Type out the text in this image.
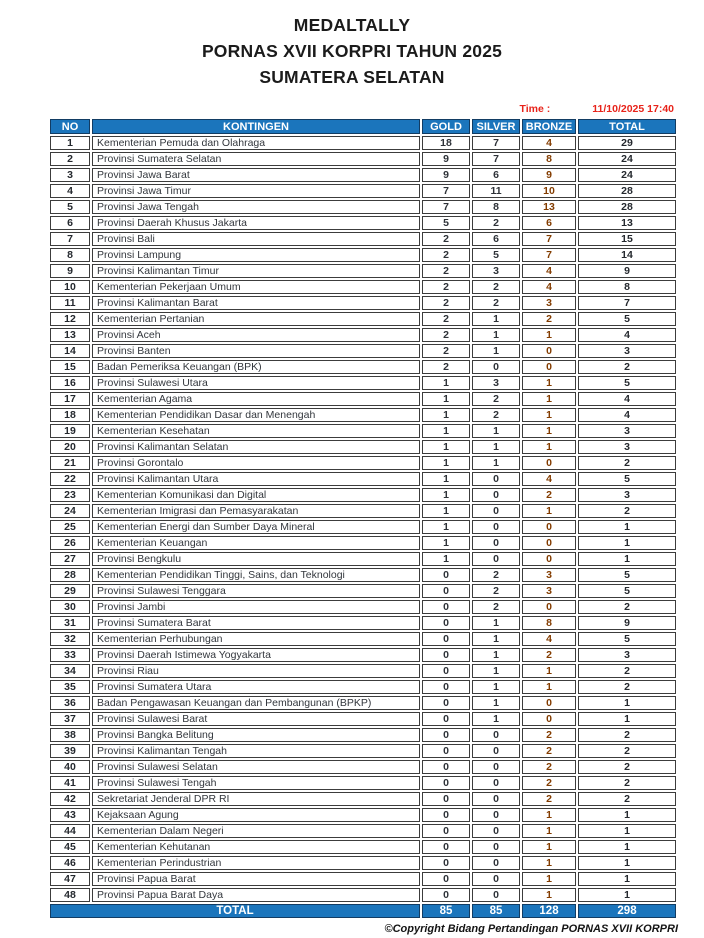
MEDALTALLY
PORNAS XVII KORPRI TAHUN 2025
SUMATERA SELATAN
Time :	11/10/2025 17:40
NO	KONTINGEN	GOLD	SILVER	BRONZE	TOTAL
1	Kementerian Pemuda dan Olahraga	18	7	4	29
2	Provinsi Sumatera Selatan	9	7	8	24
3	Provinsi Jawa Barat	9	6	9	24
4	Provinsi Jawa Timur	7	11	10	28
5	Provinsi Jawa Tengah	7	8	13	28
6	Provinsi Daerah Khusus Jakarta	5	2	6	13
7	Provinsi Bali	2	6	7	15
8	Provinsi Lampung	2	5	7	14
9	Provinsi Kalimantan Timur	2	3	4	9
10	Kementerian Pekerjaan Umum	2	2	4	8
11	Provinsi Kalimantan Barat	2	2	3	7
12	Kementerian Pertanian	2	1	2	5
13	Provinsi Aceh	2	1	1	4
14	Provinsi Banten	2	1	0	3
15	Badan Pemeriksa Keuangan (BPK)	2	0	0	2
16	Provinsi Sulawesi Utara	1	3	1	5
17	Kementerian Agama	1	2	1	4
18	Kementerian Pendidikan Dasar dan Menengah	1	2	1	4
19	Kementerian Kesehatan	1	1	1	3
20	Provinsi Kalimantan Selatan	1	1	1	3
21	Provinsi Gorontalo	1	1	0	2
22	Provinsi Kalimantan Utara	1	0	4	5
23	Kementerian Komunikasi dan Digital	1	0	2	3
24	Kementerian Imigrasi dan Pemasyarakatan	1	0	1	2
25	Kementerian Energi dan Sumber Daya Mineral	1	0	0	1
26	Kementerian Keuangan	1	0	0	1
27	Provinsi Bengkulu	1	0	0	1
28	Kementerian Pendidikan Tinggi, Sains, dan Teknologi	0	2	3	5
29	Provinsi Sulawesi Tenggara	0	2	3	5
30	Provinsi Jambi	0	2	0	2
31	Provinsi Sumatera Barat	0	1	8	9
32	Kementerian Perhubungan	0	1	4	5
33	Provinsi Daerah Istimewa Yogyakarta	0	1	2	3
34	Provinsi Riau	0	1	1	2
35	Provinsi Sumatera Utara	0	1	1	2
36	Badan Pengawasan Keuangan dan Pembangunan (BPKP)	0	1	0	1
37	Provinsi Sulawesi Barat	0	1	0	1
38	Provinsi Bangka Belitung	0	0	2	2
39	Provinsi Kalimantan Tengah	0	0	2	2
40	Provinsi Sulawesi Selatan	0	0	2	2
41	Provinsi Sulawesi Tengah	0	0	2	2
42	Sekretariat Jenderal DPR RI	0	0	2	2
43	Kejaksaan Agung	0	0	1	1
44	Kementerian Dalam Negeri	0	0	1	1
45	Kementerian Kehutanan	0	0	1	1
46	Kementerian Perindustrian	0	0	1	1
47	Provinsi Papua Barat	0	0	1	1
48	Provinsi Papua Barat Daya	0	0	1	1
TOTAL		85	85	128	298
©Copyright Bidang Pertandingan PORNAS XVII KORPRI
